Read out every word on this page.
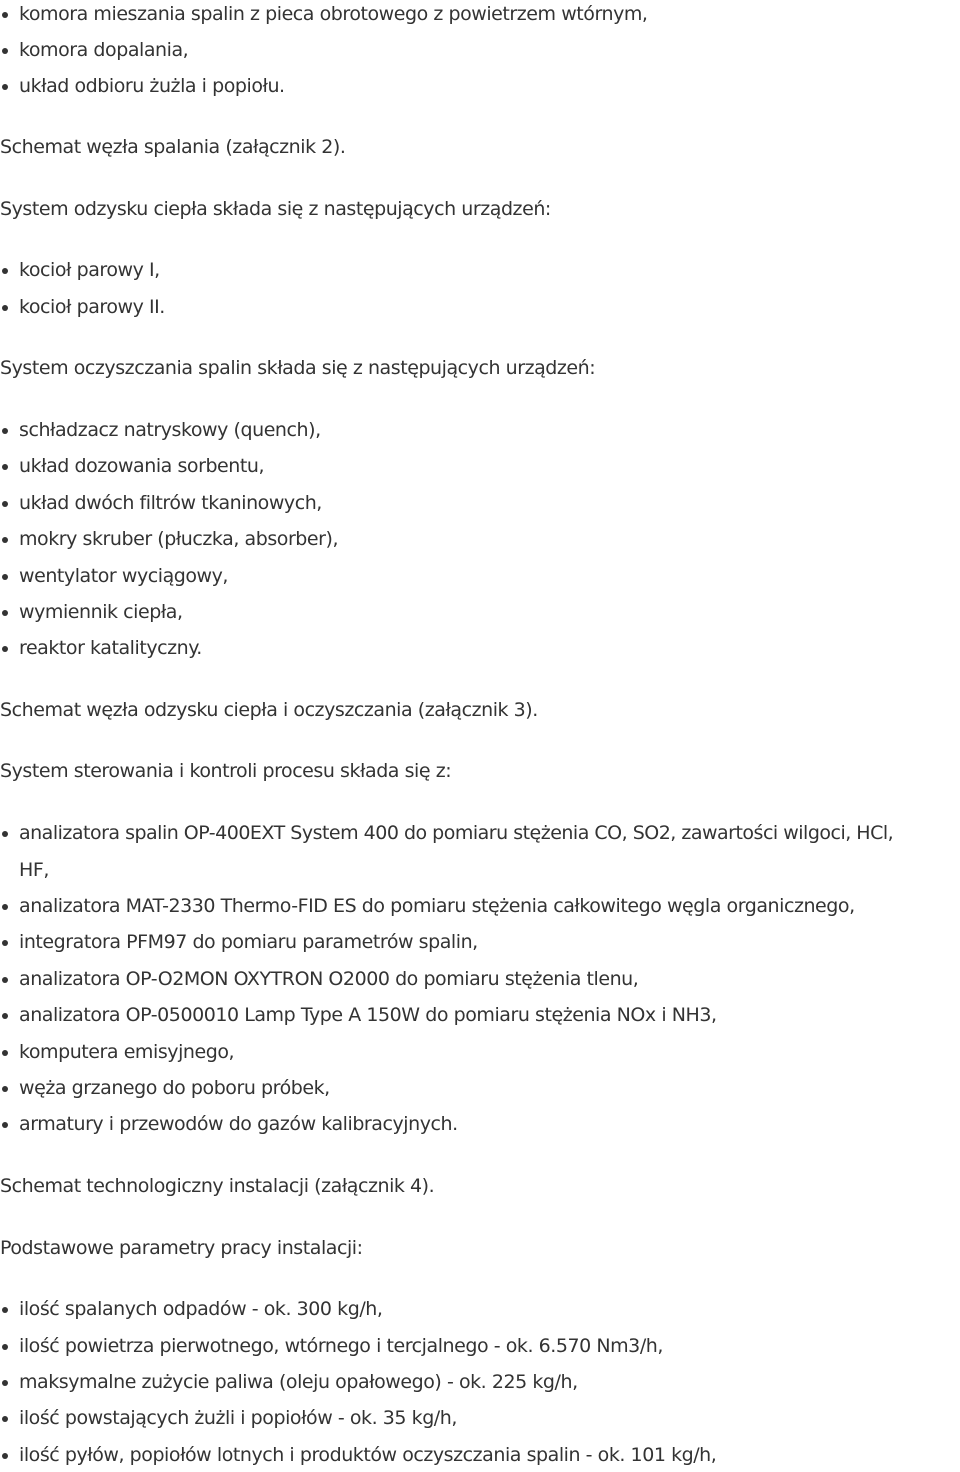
komora mieszania spalin z pieca obrotowego z powietrzem wtórnym,
komora dopalania,
układ odbioru żużla i popiołu.
Schemat węzła spalania (załącznik 2).
System odzysku ciepła składa się z następujących urządzeń:
kocioł parowy I,
kocioł parowy II.
System oczyszczania spalin składa się z następujących urządzeń:
schładzacz natryskowy (quench),
układ dozowania sorbentu,
układ dwóch filtrów tkaninowych,
mokry skruber (płuczka, absorber),
wentylator wyciągowy,
wymiennik ciepła,
reaktor katalityczny.
Schemat węzła odzysku ciepła i oczyszczania (załącznik 3).
System sterowania i kontroli procesu składa się z:
analizatora spalin OP-400EXT System 400 do pomiaru stężenia CO, SO2, zawartości wilgoci, HCl,
HF,
analizatora MAT-2330 Thermo-FID ES do pomiaru stężenia całkowitego węgla organicznego,
integratora PFM97 do pomiaru parametrów spalin,
analizatora OP-O2MON OXYTRON O2000 do pomiaru stężenia tlenu,
analizatora OP-0500010 Lamp Type A 150W do pomiaru stężenia NOx i NH3,
komputera emisyjnego,
węża grzanego do poboru próbek,
armatury i przewodów do gazów kalibracyjnych.
Schemat technologiczny instalacji (załącznik 4).
Podstawowe parametry pracy instalacji:
ilość spalanych odpadów - ok. 300 kg/h,
ilość powietrza pierwotnego, wtórnego i tercjalnego - ok. 6.570 Nm3/h,
maksymalne zużycie paliwa (oleju opałowego) - ok. 225 kg/h,
ilość powstających żużli i popiołów - ok. 35 kg/h,
ilość pyłów, popiołów lotnych i produktów oczyszczania spalin - ok. 101 kg/h,
